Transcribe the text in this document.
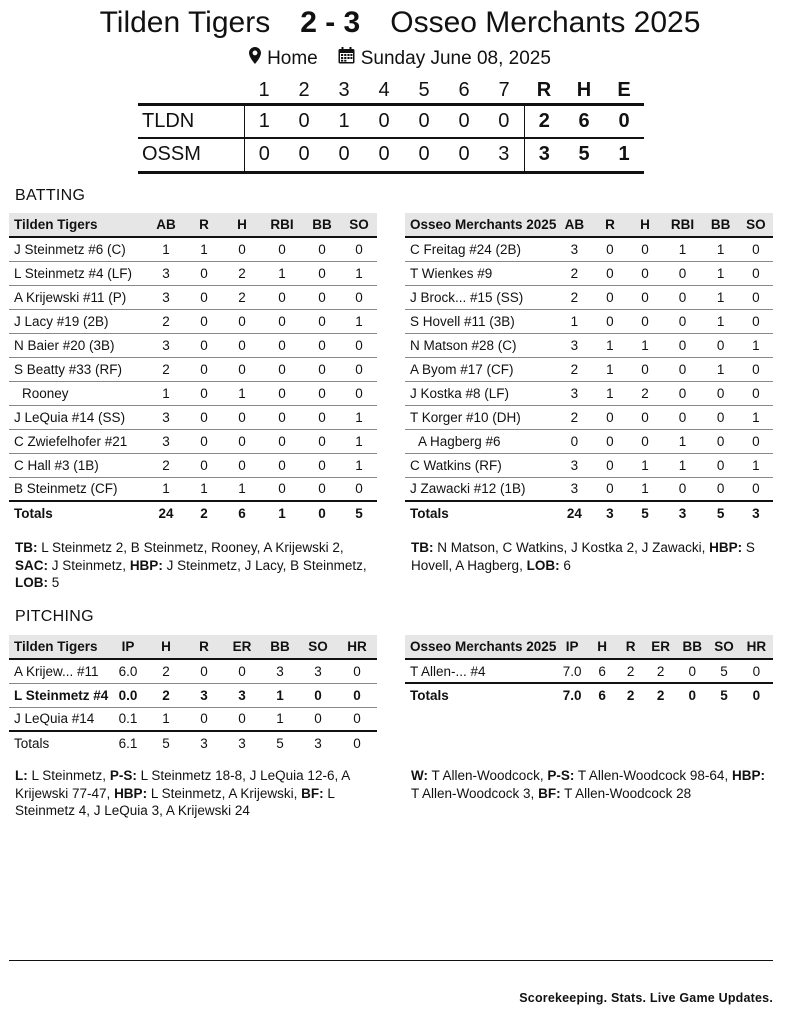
Tilden Tigers 2 - 3 Osseo Merchants 2025
Home Sunday June 08, 2025
	1	2	3	4	5	6	7	R	H	E
TLDN	1	0	1	0	0	0	0	2	6	0
OSSM	0	0	0	0	0	0	3	3	5	1
BATTING
Tilden Tigers	AB	R	H	RBI	BB	SO
J Steinmetz #6 (C)	1	1	0	0	0	0
L Steinmetz #4 (LF)	3	0	2	1	0	1
A Krijewski #11 (P)	3	0	2	0	0	0
J Lacy #19 (2B)	2	0	0	0	0	1
N Baier #20 (3B)	3	0	0	0	0	0
S Beatty #33 (RF)	2	0	0	0	0	0
Rooney	1	0	1	0	0	0
J LeQuia #14 (SS)	3	0	0	0	0	1
C Zwiefelhofer #21	3	0	0	0	0	1
C Hall #3 (1B)	2	0	0	0	0	1
B Steinmetz (CF)	1	1	1	0	0	0
Totals	24	2	6	1	0	5
Osseo Merchants 2025	AB	R	H	RBI	BB	SO
C Freitag #24 (2B)	3	0	0	1	1	0
T Wienkes #9	2	0	0	0	1	0
J Brock... #15 (SS)	2	0	0	0	1	0
S Hovell #11 (3B)	1	0	0	0	1	0
N Matson #28 (C)	3	1	1	0	0	1
A Byom #17 (CF)	2	1	0	0	1	0
J Kostka #8 (LF)	3	1	2	0	0	0
T Korger #10 (DH)	2	0	0	0	0	1
A Hagberg #6	0	0	0	1	0	0
C Watkins (RF)	3	0	1	1	0	1
J Zawacki #12 (1B)	3	0	1	0	0	0
Totals	24	3	5	3	5	3
TB: L Steinmetz 2, B Steinmetz, Rooney, A Krijewski 2, SAC: J Steinmetz, HBP: J Steinmetz, J Lacy, B Steinmetz, LOB: 5
TB: N Matson, C Watkins, J Kostka 2, J Zawacki, HBP: S Hovell, A Hagberg, LOB: 6
PITCHING
Tilden Tigers	IP	H	R	ER	BB	SO	HR
A Krijew... #11	6.0	2	0	0	3	3	0
L Steinmetz #4	0.0	2	3	3	1	0	0
J LeQuia #14	0.1	1	0	0	1	0	0
Totals	6.1	5	3	3	5	3	0
Osseo Merchants 2025	IP	H	R	ER	BB	SO	HR
T Allen-... #4	7.0	6	2	2	0	5	0
Totals	7.0	6	2	2	0	5	0
L: L Steinmetz, P-S: L Steinmetz 18-8, J LeQuia 12-6, A Krijewski 77-47, HBP: L Steinmetz, A Krijewski, BF: L Steinmetz 4, J LeQuia 3, A Krijewski 24
W: T Allen-Woodcock, P-S: T Allen-Woodcock 98-64, HBP: T Allen-Woodcock 3, BF: T Allen-Woodcock 28
Scorekeeping. Stats. Live Game Updates.
